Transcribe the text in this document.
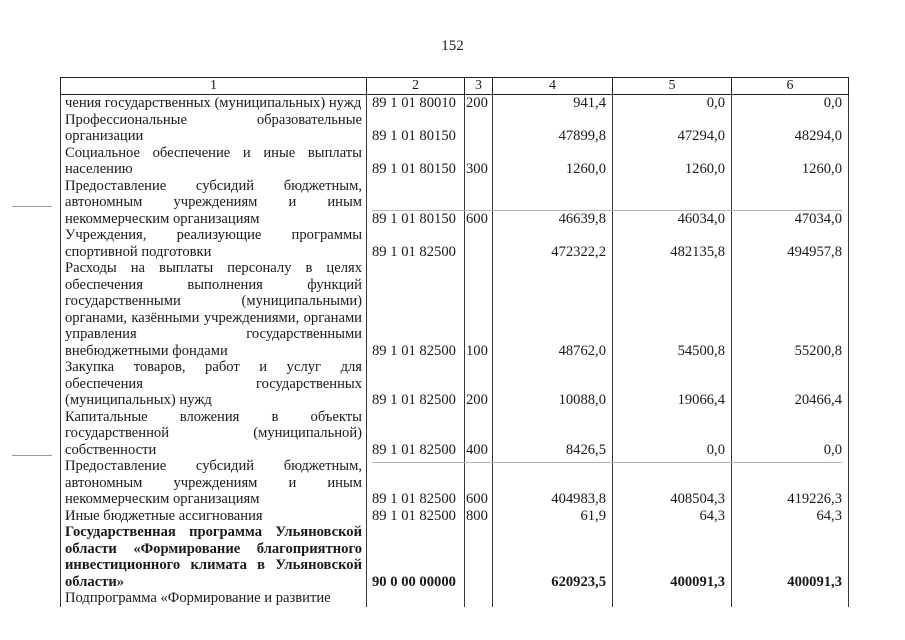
152
1	2	3	4	5	6
чения государственных (муниципальных) нужд	89 1 01 80010	200	941,4	0,0	0,0
Профессиональные образовательные организации	89 1 01 80150		47899,8	47294,0	48294,0
Социальное обеспечение и иные выплаты населению	89 1 01 80150	300	1260,0	1260,0	1260,0
Предоставление субсидий бюджетным, автономным учреждениям и иным некоммерческим организациям	89 1 01 80150	600	46639,8	46034,0	47034,0
Учреждения, реализующие программы спортивной подготовки	89 1 01 82500		472322,2	482135,8	494957,8
Расходы на выплаты персоналу в целях обеспечения выполнения функций государственными (муниципальными) органами, казёнными учреждениями, органами управления государственными внебюджетными фондами	89 1 01 82500	100	48762,0	54500,8	55200,8
Закупка товаров, работ и услуг для обеспечения государственных (муниципальных) нужд	89 1 01 82500	200	10088,0	19066,4	20466,4
Капитальные вложения в объекты государственной (муниципальной) собственности	89 1 01 82500	400	8426,5	0,0	0,0
Предоставление субсидий бюджетным, автономным учреждениям и иным некоммерческим организациям	89 1 01 82500	600	404983,8	408504,3	419226,3
Иные бюджетные ассигнования	89 1 01 82500	800	61,9	64,3	64,3
Государственная программа Ульяновской области «Формирование благоприятного инвестиционного климата в Ульяновской области»	90 0 00 00000		620923,5	400091,3	400091,3
Подпрограмма «Формирование и развитие					
